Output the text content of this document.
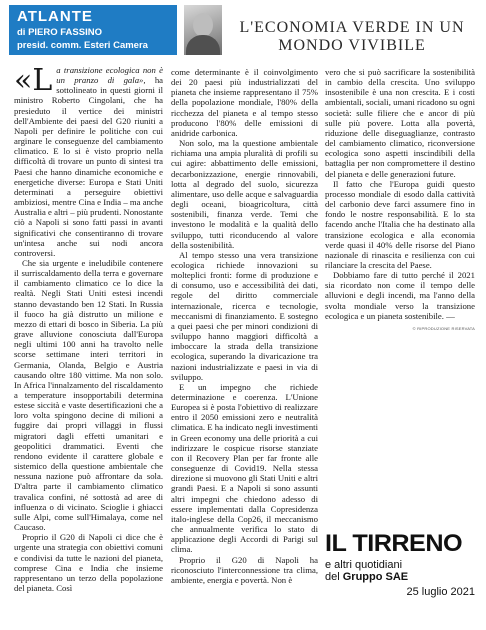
ATLANTE
di PIERO FASSINO
presid. comm. Esteri Camera
L'ECONOMIA VERDE IN UN MONDO VIVIBILE

«L a transizione ecologica non è un pranzo di gala», ha sottolineato in questi giorni il ministro Roberto Cingolani, che ha presieduto il vertice dei ministri dell'Ambiente dei paesi del G20 riuniti a Napoli per definire le politiche con cui arginare le conseguenze del cambiamento climatico. E lo si è visto proprio nella difficoltà di trovare un punto di sintesi tra Paesi che hanno dinamiche economiche e energetiche diverse: Europa e Stati Uniti determinati a perseguire obiettivi ambiziosi, mentre Cina e India – ma anche Australia e altri – più prudenti. Nonostante ciò a Napoli si sono fatti passi in avanti significativi che consentiranno di trovare un'intesa anche sui nodi ancora controversi.

Che sia urgente e ineludibile contenere il surriscaldamento della terra e governare il cambiamento climatico ce lo dice la realtà. Negli Stati Uniti estesi incendi stanno devastando ben 12 Stati. In Russia il fuoco ha già distrutto un milione e mezzo di ettari di bosco in Siberia. La più grave alluvione conosciuta dall'Europa negli ultimi 100 anni ha travolto nelle scorse settimane interi territori in Germania, Olanda, Belgio e Austria causando oltre 180 vittime. Ma non solo. In Africa l'innalzamento del riscaldamento a temperature insopportabili determina estese siccità e vaste desertificazioni che a loro volta spingono decine di milioni a fuggire dai propri villaggi in flussi migratori dagli effetti umanitari e geopolitici drammatici. Eventi che rendono evidente il carattere globale e sistemico della questione ambientale che nessuna nazione può affrontare da sola. D'altra parte il cambiamento climatico travalica confini, né sottostà ad aree di influenza o di vicinato. Scioglie i ghiacci sulle Alpi, come sull'Himalaya, come nel Caucaso.

Proprio il G20 di Napoli ci dice che è urgente una strategia con obiettivi comuni e condivisi da tutte le nazioni del pianeta, comprese Cina e India che insieme rappresentano un terzo della popolazione del pianeta. Così

come determinante è il coinvolgimento dei 20 paesi più industrializzati del pianeta che insieme rappresentano il 75% della popolazione mondiale, l'80% della ricchezza del pianeta e al tempo stesso producono l'80% delle emissioni di anidride carbonica.

Non solo, ma la questione ambientale richiama una ampia pluralità di profili su cui agire: abbattimento delle emissioni, decarbonizzazione, energie rinnovabili, lotta al degrado del suolo, sicurezza alimentare, uso delle acque e salvaguardia degli oceani, bioagricoltura, città sostenibili, finanza verde. Temi che investono le modalità e la qualità dello sviluppo, tutti riconducendo al valore della sostenibilità.

Al tempo stesso una vera transizione ecologica richiede innovazioni su molteplici fronti: forme di produzione e di consumo, uso e accessibilità dei dati, regole del diritto commerciale internazionale, ricerca e tecnologie, meccanismi di finanziamento. E sostegno a quei paesi che per minori condizioni di sviluppo hanno maggiori difficoltà a imboccare la strada della transizione ecologica, superando la divaricazione tra nazioni industrializzate e paesi in via di sviluppo.

E un impegno che richiede determinazione e coerenza. L'Unione Europea si è posta l'obiettivo di realizzare entro il 2050 emissioni zero e neutralità climatica. E ha indicato negli investimenti in Green economy una delle priorità a cui indirizzare le cospicue risorse stanziate con il Recovery Plan per far fronte alle conseguenze di Covid19. Nella stessa direzione si muovono gli Stati Uniti e altri grandi Paesi. E a Napoli si sono assunti altri impegni che chiedono adesso di essere implementati dalla Copresidenza italo-inglese della Cop26, il meccanismo che annualmente verifica lo stato di applicazione degli Accordi di Parigi sul clima.

Proprio il G20 di Napoli ha riconosciuto l'interconnessione tra clima, ambiente, energia e povertà. Non è

vero che si può sacrificare la sostenibilità in cambio della crescita. Uno sviluppo insostenibile è una non crescita. E i costi ambientali, sociali, umani ricadono su ogni società: sulle filiere che e ancor di più sulle più povere. Lotta alla povertà, riduzione delle diseguaglianze, contrasto del cambiamento climatico, riconversione ecologica sono aspetti inscindibili della battaglia per non compromettere il destino del pianeta e delle generazioni future.

Il fatto che l'Europa guidi questo processo mondiale di esodo dalla cattività del carbonio deve farci assumere fino in fondo le nostre responsabilità. E lo sta facendo anche l'Italia che ha destinato alla transizione ecologica e alla economia verde quasi il 40% delle risorse del Piano nazionale di rinascita e resilienza con cui rilanciare la crescita del Paese.

Dobbiamo fare di tutto perché il 2021 sia ricordato non come il tempo delle alluvioni e degli incendi, ma l'anno della svolta mondiale verso la transizione ecologica e un pianeta sostenibile. —

© RIPRODUZIONE RISERVATA
IL TIRRENO
e altri quotidiani
del Gruppo SAE
25 luglio 2021
